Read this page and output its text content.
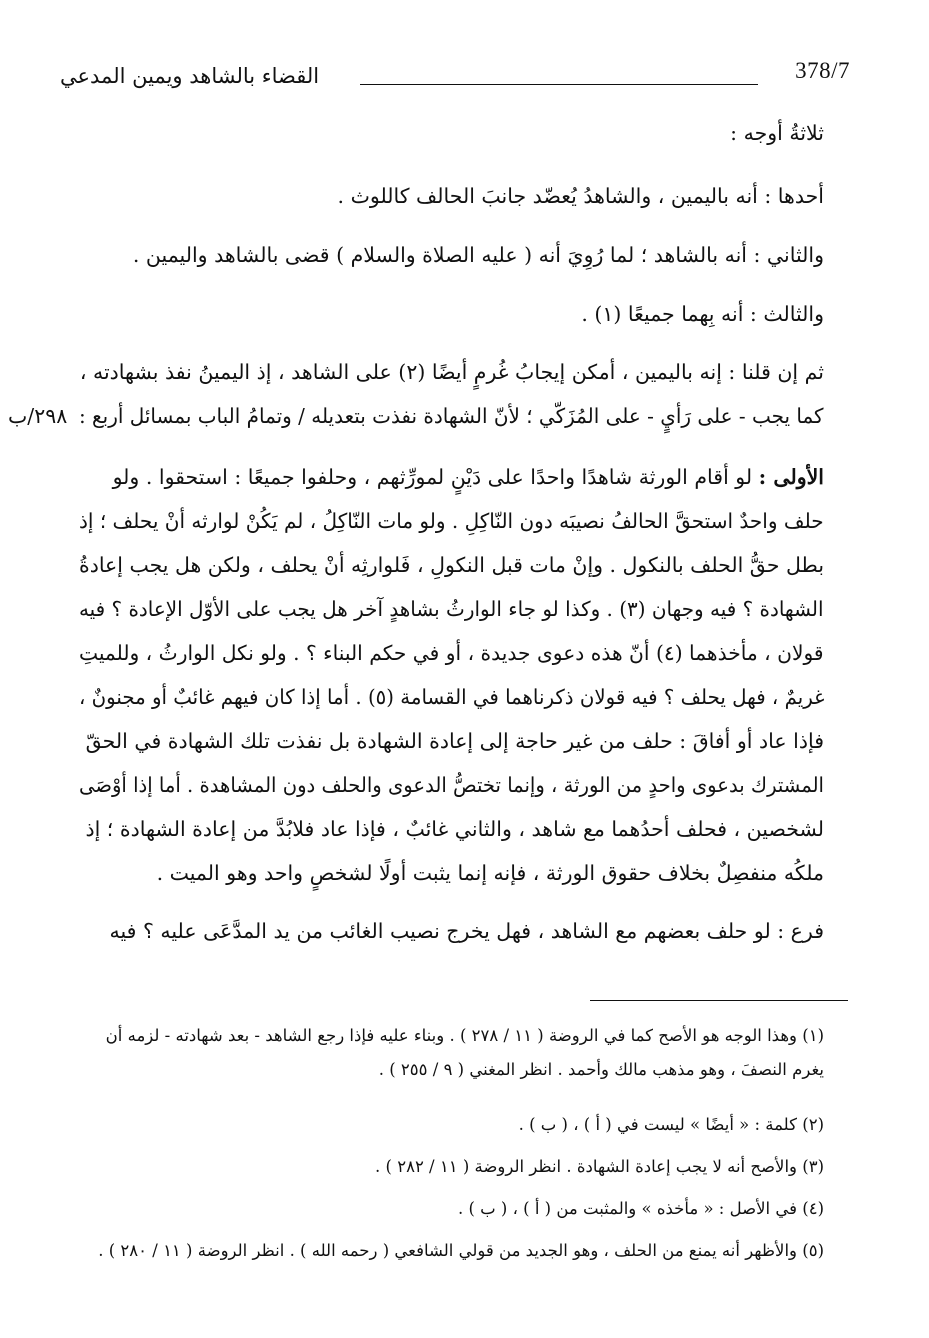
378/7
القضاء بالشاهد ويمين المدعي
ثلاثةُ أوجه :
أحدها : أنه باليمين ، والشاهدُ يُعضّد جانبَ الحالف كاللوث .
والثاني : أنه بالشاهد ؛ لما رُوِيَ أنه ( عليه الصلاة والسلام ) قضى بالشاهد واليمين .
والثالث : أنه بِهما جميعًا (١) .
ثم إن قلنا : إنه باليمين ، أمكن إيجابُ غُرمٍ أيضًا (٢) على الشاهد ، إذ اليمينُ نفذ بشهادته ،
كما يجب - على رَأيٍ - على المُزَكّي ؛ لأنّ الشهادة نفذت بتعديله / وتمامُ الباب بمسائل أربع :
٢٩٨/ب
الأولى : لو أقام الورثة شاهدًا واحدًا على دَيْنٍ لمورِّثهم ، وحلفوا جميعًا : استحقوا . ولو
حلف واحدٌ استحقَّ الحالفُ نصيبَه دون النّاكِلِ . ولو مات النّاكِلُ ، لم يَكُنْ لوارثه أنْ يحلف ؛ إذ
بطل حقُّ الحلف بالنكول . وإنْ مات قبل النكولِ ، فَلوارثِه أنْ يحلف ، ولكن هل يجب إعادةُ
الشهادة ؟ فيه وجهان (٣) . وكذا لو جاء الوارثُ بشاهدٍ آخر هل يجب على الأوّل الإعادة ؟ فيه
قولان ، مأخذهما (٤) أنّ هذه دعوى جديدة ، أو في حكم البناء ؟ . ولو نكل الوارثُ ، وللميتِ
غريمٌ ، فهل يحلف ؟ فيه قولان ذكرناهما في القسامة (٥) . أما إذا كان فيهم غائبٌ أو مجنونٌ ،
فإذا عاد أو أفاقَ : حلف من غير حاجة إلى إعادة الشهادة بل نفذت تلك الشهادة في الحقّ
المشترك بدعوى واحدٍ من الورثة ، وإنما تختصُّ الدعوى والحلف دون المشاهدة . أما إذا أوْصَى
لشخصين ، فحلف أحدُهما مع شاهد ، والثاني غائبٌ ، فإذا عاد فلابُدَّ من إعادة الشهادة ؛ إذ
ملكُه منفصِلٌ بخلاف حقوق الورثة ، فإنه إنما يثبت أولًا لشخصٍ واحد وهو الميت .
فرع : لو حلف بعضهم مع الشاهد ، فهل يخرج نصيب الغائب من يد المدَّعَى عليه ؟ فيه
(١) وهذا الوجه هو الأصح كما في الروضة ( ١١ / ٢٧٨ ) . وبناء عليه فإذا رجع الشاهد - بعد شهادته - لزمه أن
يغرم النصفَ ، وهو مذهب مالك وأحمد . انظر المغني ( ٩ / ٢٥٥ ) .
(٢) كلمة : « أيضًا » ليست في ( أ ) ، ( ب ) .
(٣) والأصح أنه لا يجب إعادة الشهادة . انظر الروضة ( ١١ / ٢٨٢ ) .
(٤) في الأصل : « مأخذه » والمثبت من ( أ ) ، ( ب ) .
(٥) والأظهر أنه يمنع من الحلف ، وهو الجديد من قولي الشافعي ( رحمه الله ) . انظر الروضة ( ١١ / ٢٨٠ ) .
